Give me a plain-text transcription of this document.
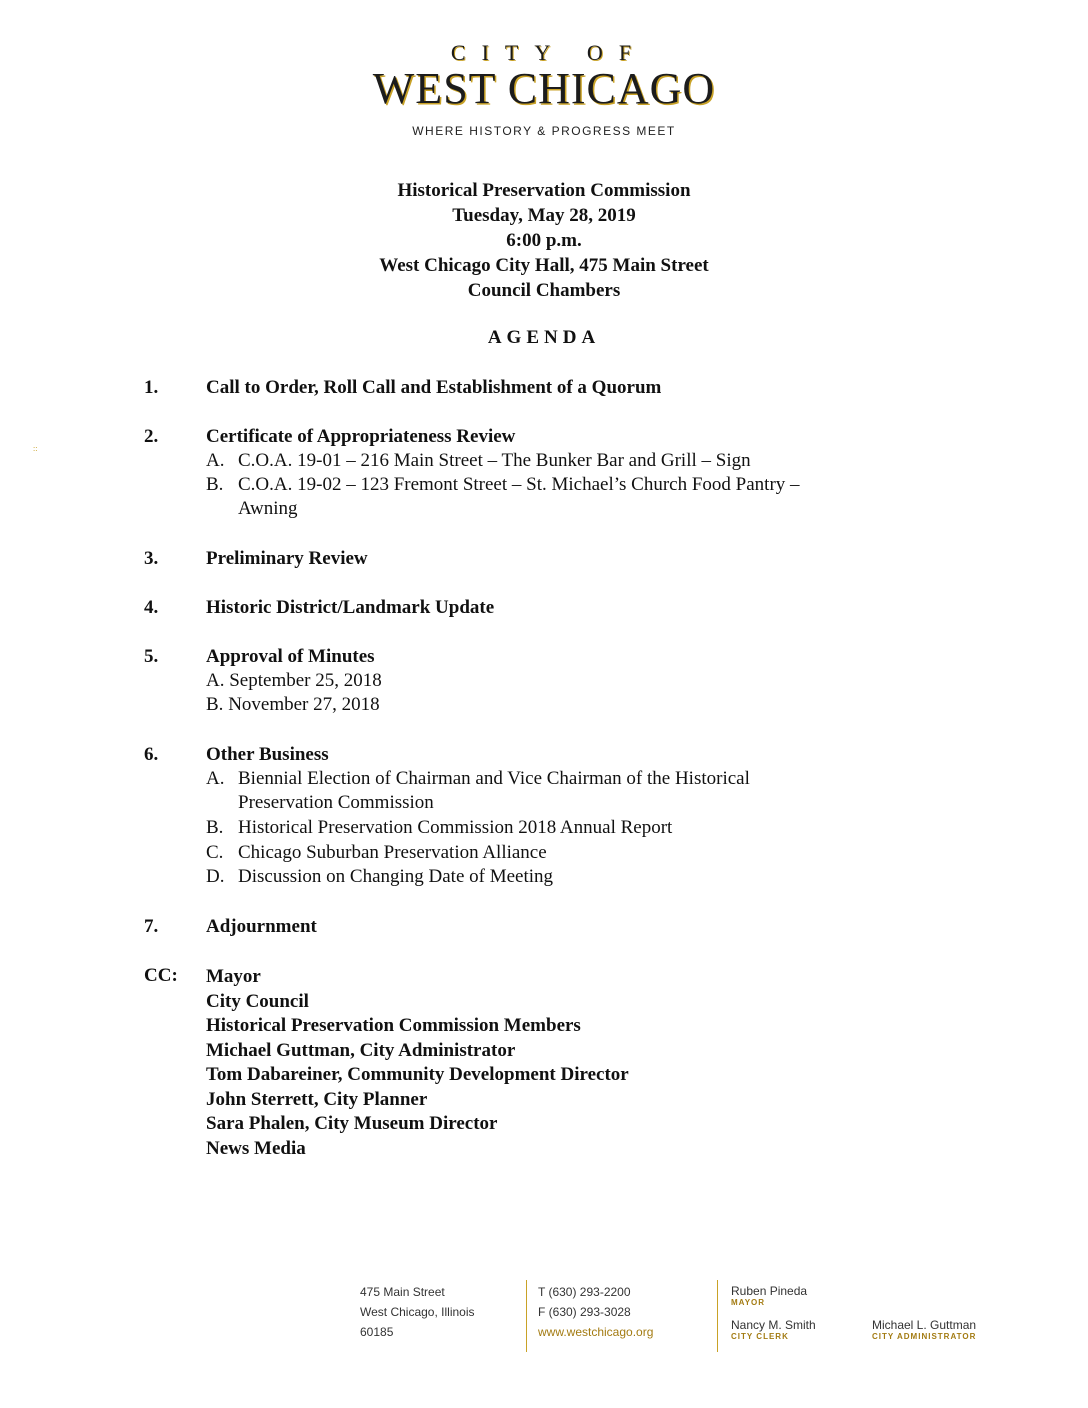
CITY OF
WEST CHICAGO
WHERE HISTORY & PROGRESS MEET
::
Historical Preservation Commission
Tuesday, May 28, 2019
6:00 p.m.
West Chicago City Hall, 475 Main Street
Council Chambers
AGENDA
1.	Call to Order, Roll Call and Establishment of a Quorum
2.	Certificate of Appropriateness Review
A. C.O.A. 19-01 – 216 Main Street – The Bunker Bar and Grill – Sign
B. C.O.A. 19-02 – 123 Fremont Street – St. Michael’s Church Food Pantry –
Awning
3.	Preliminary Review
4.	Historic District/Landmark Update
5.	Approval of Minutes
A. September 25, 2018
B. November 27, 2018
6.	Other Business
A. Biennial Election of Chairman and Vice Chairman of the Historical
Preservation Commission
B. Historical Preservation Commission 2018 Annual Report
C. Chicago Suburban Preservation Alliance
D. Discussion on Changing Date of Meeting
7.	Adjournment
CC: Mayor
City Council
Historical Preservation Commission Members
Michael Guttman, City Administrator
Tom Dabareiner, Community Development Director
John Sterrett, City Planner
Sara Phalen, City Museum Director
News Media
475 Main Street
West Chicago, Illinois
60185
T (630) 293-2200
F (630) 293-3028
www.westchicago.org
Ruben Pineda
MAYOR
Nancy M. Smith
CITY CLERK
Michael L. Guttman
CITY ADMINISTRATOR
